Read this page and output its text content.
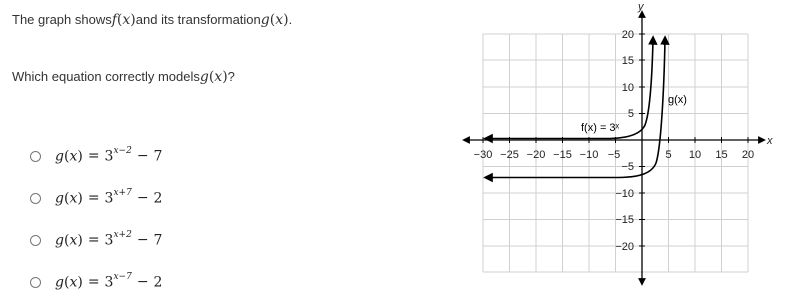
The graph showsf(x)and its transformationg(x).
Which equation correctly modelsg(x)?
$g(x) = 3^{x-2} - 7$
$g(x) = 3^{x+7} - 2$
$g(x) = 3^{x+2} - 7$
$g(x) = 3^{x-7} - 2$
y
x
−30 −25 −20 −15 −10 −5	5 10 15 20
20
15
10
5
−5
−10
−15
−20
f(x) = 3ˣ
g(x)
